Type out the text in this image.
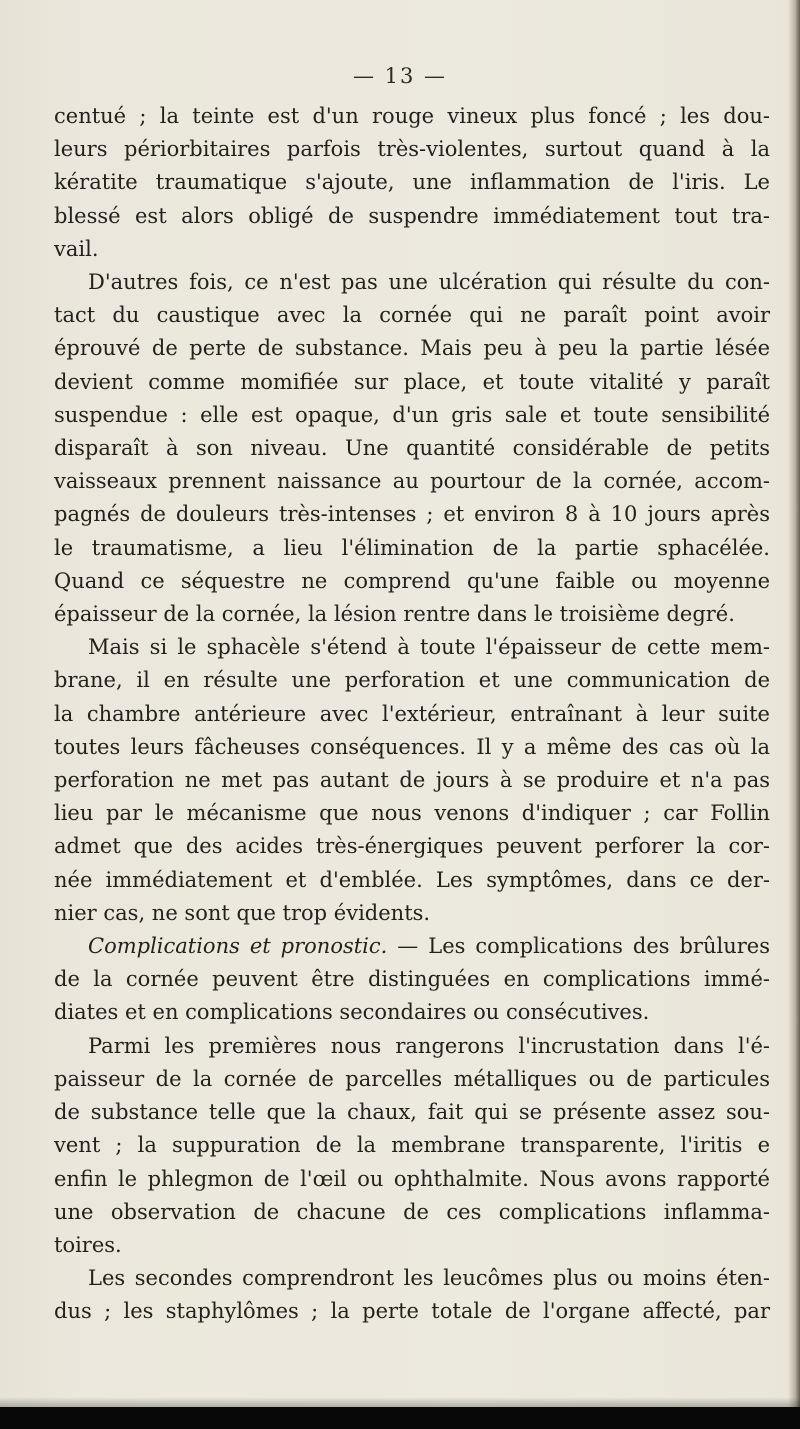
— 13 —
centué ; la teinte est d'un rouge vineux plus foncé ; les dou-
leurs périorbitaires parfois très-violentes, surtout quand à la
kératite traumatique s'ajoute, une inflammation de l'iris. Le
blessé est alors obligé de suspendre immédiatement tout tra-
vail.
D'autres fois, ce n'est pas une ulcération qui résulte du con-
tact du caustique avec la cornée qui ne paraît point avoir
éprouvé de perte de substance. Mais peu à peu la partie lésée
devient comme momifiée sur place, et toute vitalité y paraît
suspendue : elle est opaque, d'un gris sale et toute sensibilité
disparaît à son niveau. Une quantité considérable de petits
vaisseaux prennent naissance au pourtour de la cornée, accom-
pagnés de douleurs très-intenses ; et environ 8 à 10 jours après
le traumatisme, a lieu l'élimination de la partie sphacélée.
Quand ce séquestre ne comprend qu'une faible ou moyenne
épaisseur de la cornée, la lésion rentre dans le troisième degré.
Mais si le sphacèle s'étend à toute l'épaisseur de cette mem-
brane, il en résulte une perforation et une communication de
la chambre antérieure avec l'extérieur, entraînant à leur suite
toutes leurs fâcheuses conséquences. Il y a même des cas où la
perforation ne met pas autant de jours à se produire et n'a pas
lieu par le mécanisme que nous venons d'indiquer ; car Follin
admet que des acides très-énergiques peuvent perforer la cor-
née immédiatement et d'emblée. Les symptômes, dans ce der-
nier cas, ne sont que trop évidents.
Complications et pronostic. — Les complications des brûlures
de la cornée peuvent être distinguées en complications immé-
diates et en complications secondaires ou consécutives.
Parmi les premières nous rangerons l'incrustation dans l'é-
paisseur de la cornée de parcelles métalliques ou de particules
de substance telle que la chaux, fait qui se présente assez sou-
vent ; la suppuration de la membrane transparente, l'iritis e
enfin le phlegmon de l'œil ou ophthalmite. Nous avons rapporté
une observation de chacune de ces complications inflamma-
toires.
Les secondes comprendront les leucômes plus ou moins éten-
dus ; les staphylômes ; la perte totale de l'organe affecté, par
